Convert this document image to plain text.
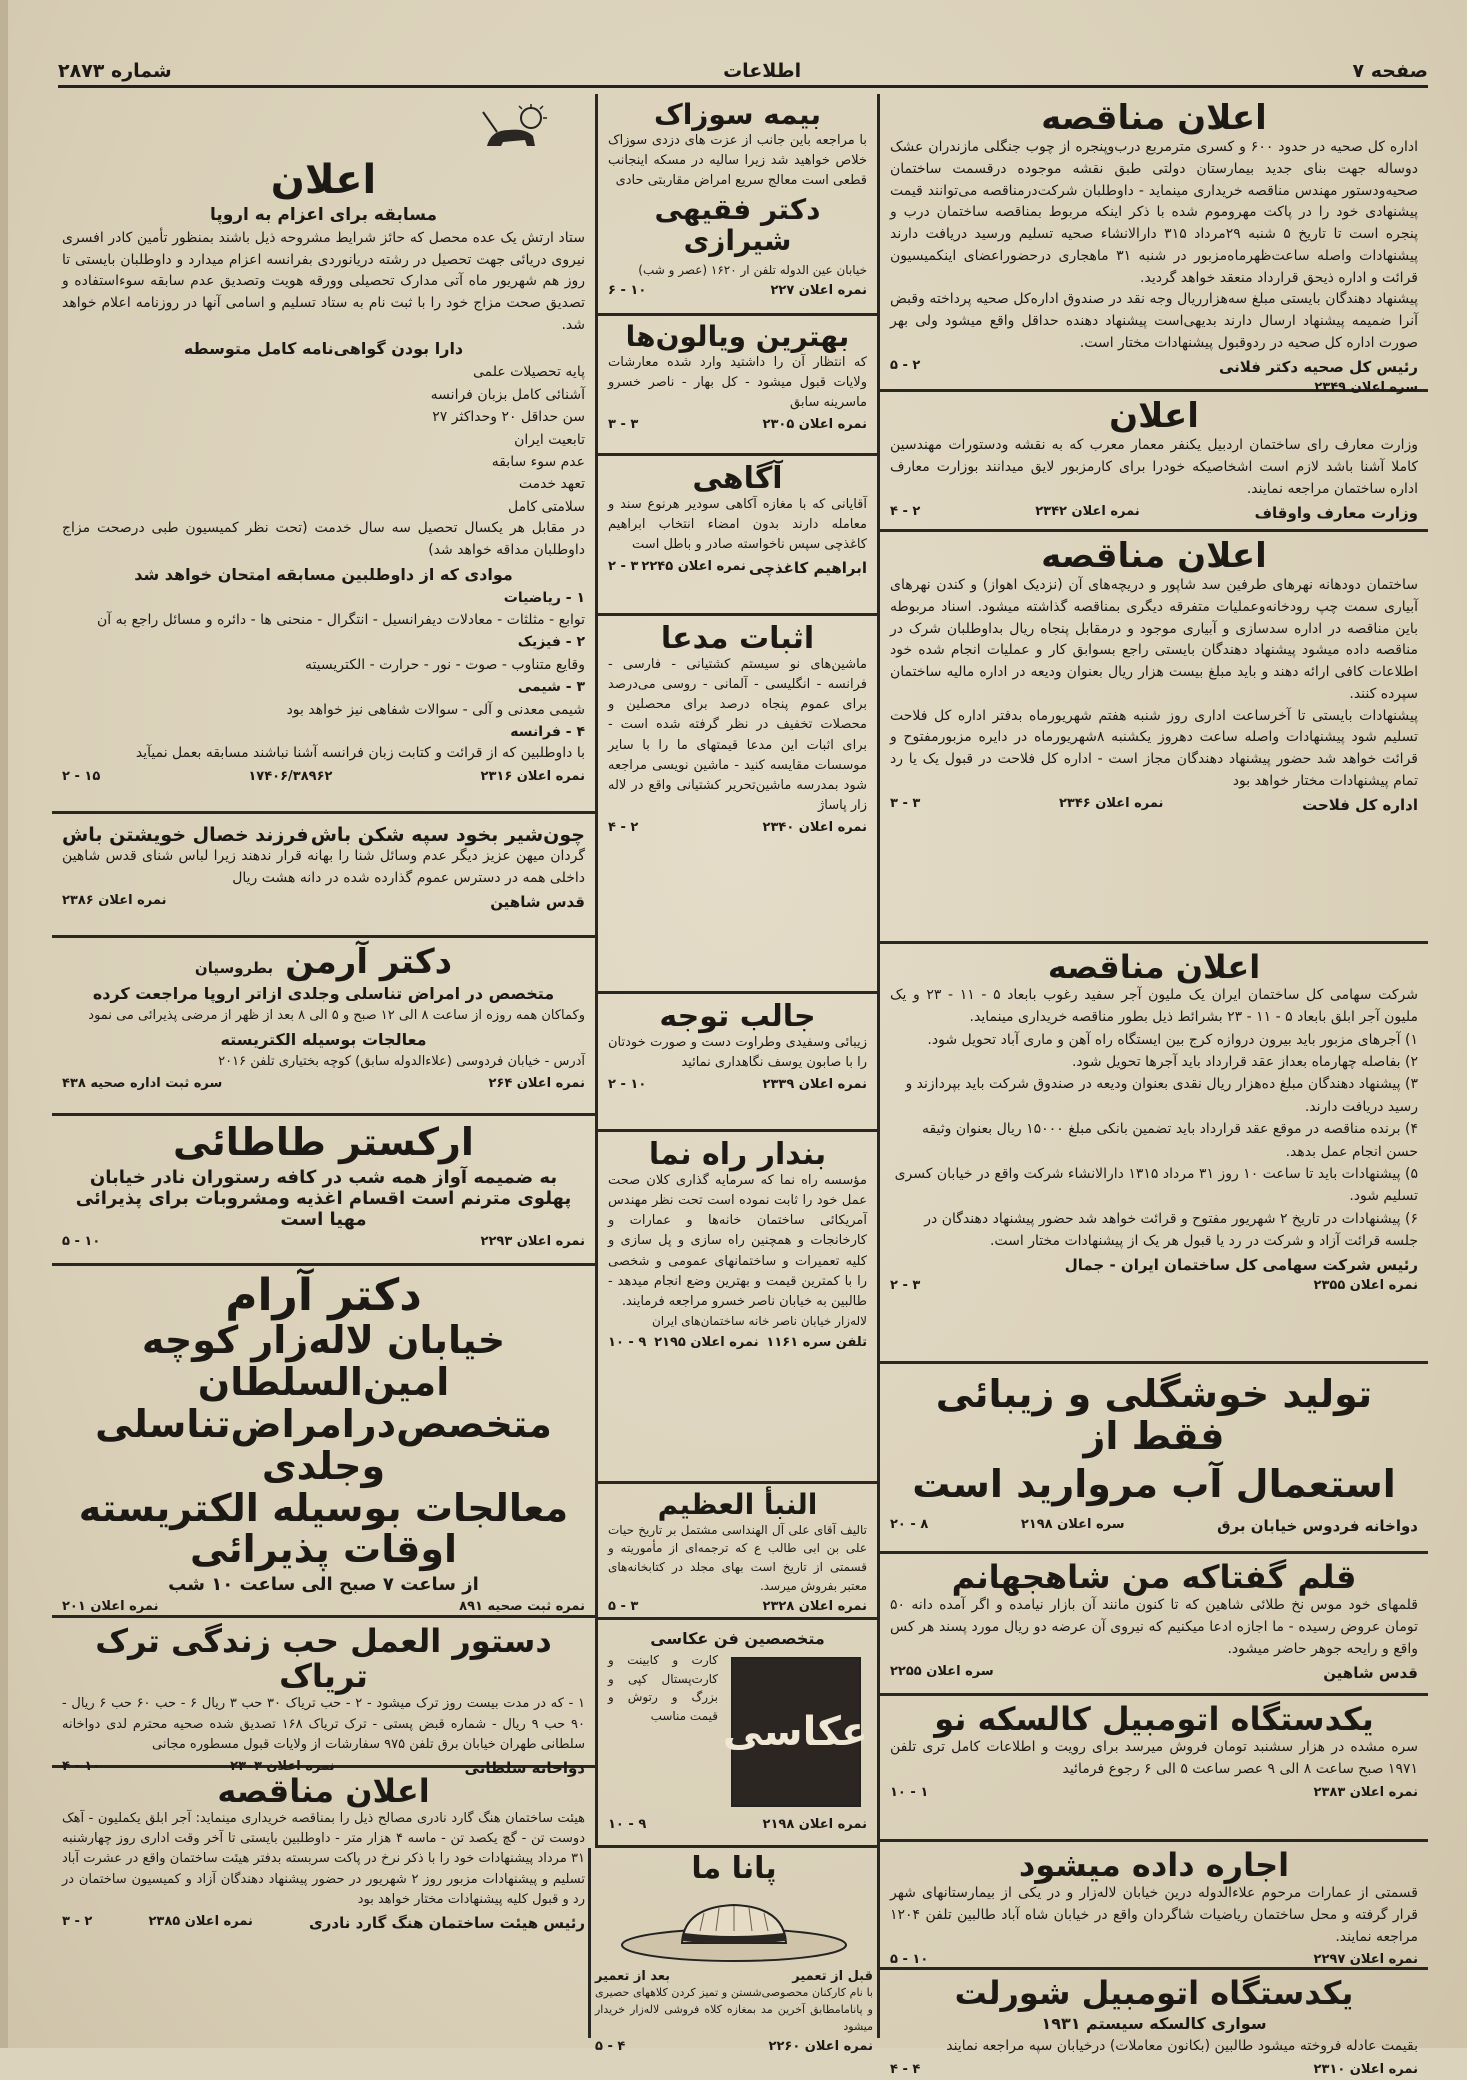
صفحه ۷
اطلاعات
شماره ۲۸۷۳
اعلان مناقصه
اداره کل صحیه در حدود ۶۰۰ و کسری مترمربع درب‌وپنجره از چوب جنگلی مازندران عشک دوساله جهت بنای جدید بیمارستان دولتی طبق نقشه موجوده درقسمت ساختمان صحیه‌ودستور مهندس مناقصه خریداری مینماید - داوطلبان شرکت‌درمناقصه می‌توانند قیمت پیشنهادی خود را در پاکت مهروموم شده با ذکر اینکه مربوط بمناقصه ساختمان درب و پنجره است تا تاریخ ۵ شنبه ۲۹مرداد ۳۱۵ دارالانشاء صحیه تسلیم ورسید دریافت دارند پیشنهادات واصله ساعت‌ظهر‌ماه‌مزبور در شنبه ۳۱ ماهجاری درحضوراعضای اینکمیسیون قرائت و اداره ذیحق قرارداد منعقد خواهد گردید.
پیشنهاد دهندگان بایستی مبلغ سه‌هزارریال وجه نقد در صندوق اداره‌کل صحیه پرداخته وقبض آنرا ضمیمه پیشنهاد ارسال دارند بدیهی‌است پیشنهاد دهنده حداقل واقع میشود ولی بهر صورت اداره کل صحیه در ردوقبول پیشنهادات مختار است.
رئیس کل صحیه دکتر فلانی
۲ - ۵
سره اعلان ۲۳۴۹
اعلان
وزارت معارف رای ساختمان اردبیل یکنفر معمار معرب که به نقشه ودستورات مهندسین کاملا آشنا باشد لازم است اشخاصیکه خودرا برای کارمزبور لایق میدانند بوزارت معارف اداره ساختمان مراجعه نمایند.
وزارت معارف واوقاف
نمره اعلان ۲۳۴۲
۲ - ۴
اعلان مناقصه
ساختمان دودهانه نهرهای طرفین سد شاپور و دریچه‌های آن (نزدیک اهواز) و کندن نهرهای آبیاری سمت چپ رودخانه‌وعملیات متفرقه دیگری بمناقصه گذاشته میشود. اسناد مربوطه باین مناقصه در اداره سدسازی و آبیاری موجود و درمقابل پنجاه ریال بداوطلبان شرک در مناقصه داده میشود پیشنهاد دهندگان بایستی راجع بسوابق کار و عملیات انجام شده خود اطلاعات کافی ارائه دهند و باید مبلغ بیست هزار ریال بعنوان ودیعه در اداره مالیه ساختمان سپرده کنند.
پیشنهادات بایستی تا آخرساعت اداری روز شنبه هفتم شهریورماه بدفتر اداره کل فلاحت تسلیم شود پیشنهادات واصله ساعت دهروز یکشنبه ۸شهریورماه در دایره مزبورمفتوح و قرائت خواهد شد حضور پیشنهاد دهندگان مجاز است - اداره کل فلاحت در قبول یک یا رد تمام پیشنهادات مختار خواهد بود
اداره کل فلاحت
نمره اعلان ۲۳۴۶
۳ - ۳
اعلان مناقصه
شرکت سهامی کل ساختمان ایران یک ملیون آجر سفید رغوب بابعاد ۵ - ۱۱ - ۲۳ و یک ملیون آجر ابلق بابعاد ۵ - ۱۱ - ۲۳ بشرائط ذیل بطور مناقصه خریداری مینماید.
۱) آجرهای مزبور باید بیرون دروازه کرج بین ایستگاه راه آهن و ماری آباد تحویل شود.
۲) بفاصله چهارماه بعداز عقد قرارداد باید آجرها تحویل شود.
۳) پیشنهاد دهندگان مبلغ ده‌هزار ریال نقدی بعنوان ودیعه در صندوق شرکت باید بپردازند و رسید دریافت دارند.
۴) برنده مناقصه در موقع عقد قرارداد باید تضمین بانکی مبلغ ۱۵۰۰۰ ریال بعنوان وثیقه حسن انجام عمل بدهد.
۵) پیشنهادات باید تا ساعت ۱۰ روز ۳۱ مرداد ۱۳۱۵ دارالانشاء شرکت واقع در خیابان کسری تسلیم شود.
۶) پیشنهادات در تاریخ ۲ شهریور مفتوح و قرائت خواهد شد حضور پیشنهاد دهندگان در جلسه قرائت آزاد و شرکت در رد یا قبول هر یک از پیشنهادات مختار است.
رئیس شرکت سهامی کل ساختمان ایران - جمال
نمره اعلان ۲۳۵۵
۳ - ۲
تولید خوشگلی و زیبائی فقط از
استعمال آب مروارید است
دواخانه فردوس خیابان برق
سره اعلان ۲۱۹۸
۸ - ۲۰
قلم گفتاکه من شاهجهانم
قلمهای خود موس نخ طلائی شاهین که تا کنون مانند آن بازار نیامده و اگر آمده دانه ۵۰ تومان عروض رسیده - ما اجازه ادعا میکنیم که نیروی آن عرضه دو ریال مورد پسند هر کس واقع و رایحه جوهر حاضر میشود.
قدس شاهین
سره اعلان ۲۲۵۵
یکدستگاه اتومبیل کالسکه نو
سره مشده در هزار سشنبد تومان فروش میرسد برای رویت و اطلاعات کامل تری تلفن ۱۹۷۱ صبح ساعت ۸ الی ۹ عصر ساعت ۵ الی ۶ رجوع فرمائید
نمره اعلان ۲۳۸۳
۱ - ۱۰
اجاره داده میشود
قسمتی از عمارات مرحوم علاءالدوله درین خیابان لاله‌زار و در یکی از بیمارستانهای شهر قرار گرفته و محل ساختمان ریاضیات شاگردان واقع در خیابان شاه آباد طالبین تلفن ۱۲۰۴ مراجعه نمایند.
نمره اعلان ۲۲۹۷
۱۰ - ۵
یکدستگاه اتومبیل شورلت
سواری کالسکه سیستم ۱۹۳۱
بقیمت عادله فروخته میشود طالبین (بکانون معاملات) درخیابان سپه مراجعه نمایند
نمره اعلان ۲۳۱۰
۴ - ۴
بیمه سوزاک
با مراجعه باین جانب از عزت های دزدی سوزاک خلاص خواهید شد زیرا سالیه در مسکه اینجانب قطعی است معالج سریع امراض مقاربتی حادی
دکتر فقیهی شیرازی
خیابان عین الدوله تلفن ار ۱۶۲۰ (عصر و شب)
نمره اعلان ۲۲۷
۱۰ - ۶
بهترین ویالون‌ها
که انتظار آن را داشتید وارد شده معارشات ولایات قبول میشود - کل بهار - ناصر خسرو ماسرینه سابق
نمره اعلان ۲۳۰۵
۳ - ۳
آگاهی
آقایانی که با مغازه آکاهی سودیر هرنوع سند و معامله دارند بدون امضاء انتخاب ابراهیم کاغذچی سپس ناخواسته صادر و باطل است
ابراهیم کاغذچی
نمره اعلان ۲۲۴۵
۳ - ۲
اثبات مدعا
ماشین‌های نو سیستم کشتیانی - فارسی - فرانسه - انگلیسی - آلمانی - روسی می‌درصد برای عموم پنجاه درصد برای محصلین و محصلات تخفیف در نظر گرفته شده است - برای اثبات این مدعا قیمتهای ما را با سایر موسسات مقایسه کنید - ماشین نویسی مراجعه شود بمدرسه ماشین‌تحریر کشتیانی واقع در لاله زار پاساژ
نمره اعلان ۲۳۴۰
۲ - ۴
جالب توجه
زیبائی وسفیدی وطراوت دست و صورت خودتان را با صابون یوسف نگاهداری نمائید
نمره اعلان ۲۳۳۹
۱۰ - ۲
بندار راه نما
مؤسسه راه نما که سرمایه گذاری کلان صحت عمل خود را ثابت نموده است تحت نظر مهندس آمریکائی ساختمان خانه‌ها و عمارات و کارخانجات و همچنین راه سازی و پل سازی و کلیه تعمیرات و ساختمانهای عمومی و شخصی را با کمترین قیمت و بهترین وضع انجام میدهد - طالبین به خیابان ناصر خسرو مراجعه فرمایند.
لاله‌زار خیابان ناصر خانه ساختمان‌های ایران
تلفن سره ۱۱۶۱
نمره اعلان ۲۱۹۵
۹ - ۱۰
النبأ العظیم
تالیف آقای علی آل الهنداسی مشتمل بر تاریخ حیات علی بن ابی طالب ع که ترجمه‌ای از مأموریته و قسمتی از تاریخ است بهای مجلد در کتابخانه‌های معتبر بفروش میرسد.
نمره اعلان ۲۳۲۸
۳ - ۵
متخصصین فن عکاسی
عکاسی
کارت و کابینت و کارت‌پستال کپی و بزرگ و رتوش و قیمت مناسب
نمره اعلان ۲۱۹۸
۹ - ۱۰
پانا ما
قبل از تعمیر
بعد از تعمیر
با نام کارکنان محصوصی‌شستن و تمیز کردن کلاههای حصیری و پانامامطابق آخرین مد بمغازه کلاه فروشی لاله‌زار خریدار میشود
نمره اعلان ۲۲۶۰
۴ - ۵
اعلان
مسابقه برای اعزام به اروپا
ستاد ارتش یک عده محصل که حائز شرایط مشروحه ذیل باشند بمنظور تأمین کادر افسری نیروی دریائی جهت تحصیل در رشته دریانوردی بفرانسه اعزام میدارد و داوطلبان بایستی تا روز هم شهریور ماه آتی مدارک تحصیلی وورقه هویت وتصدیق عدم سابقه سوءاستفاده و تصدیق صحت مزاج خود را با ثبت نام به ستاد تسلیم و اسامی آنها در روزنامه اعلام خواهد شد.
دارا بودن گواهی‌نامه کامل متوسطه
پایه تحصیلات علمی
آشنائی کامل بزبان فرانسه
سن حداقل ۲۰ وحداکثر ۲۷
تابعیت ایران
عدم سوء سابقه
تعهد خدمت
سلامتی کامل
در مقابل هر یکسال تحصیل سه سال خدمت (تحت نظر کمیسیون طبی درصحت مزاج داوطلبان مداقه خواهد شد)
موادی که از داوطلبین مسابقه امتحان خواهد شد
۱ - ریاضیات
توابع - مثلثات - معادلات دیفرانسیل - انتگرال - منحنی ها - دائره و مسائل راجع به آن
۲ - فیزیک
وقایع متناوب - صوت - نور - حرارت - الکتریسیته
۳ - شیمی
شیمی معدنی و آلی - سوالات شفاهی نیز خواهد بود
۴ - فرانسه
با داوطلبین که از قرائت و کتابت زبان فرانسه آشنا نباشند مسابقه بعمل نمیآید
نمره اعلان ۲۳۱۶
۱۷۴۰۶/۳۸۹۶۲
۱۵ - ۲
چون‌شیر بخود سپه شکن باش
فرزند خصال خویشتن باش
گردان میهن عزیز دیگر عدم وسائل شنا را بهانه قرار ندهند زیرا لباس شنای قدس شاهین داخلی همه در دسترس عموم گذارده شده در دانه هشت ریال
قدس شاهین
نمره اعلان ۲۳۸۶
دکتر آرمن
بطروسیان
متخصص در امراض تناسلی وجلدی ازاتر اروپا مراجعت کرده
وکماکان همه روزه از ساعت ۸ الی ۱۲ صبح و ۵ الی ۸ بعد از ظهر از مرضی پذیرائی می نمود
معالجات بوسیله الکتریسته
آدرس - خیابان فردوسی (علاءالدوله سابق) کوچه بختیاری تلفن ۲۰۱۶
نمره اعلان ۲۶۴
سره ثبت اداره صحیه ۴۳۸
ارکستر طاطائی
به ضمیمه آواز همه شب در کافه رستوران نادر خیابان پهلوی مترنم است اقسام اغذیه ومشروبات برای پذیرائی مهیا است
نمره اعلان ۲۲۹۳
۱۰ - ۵
دکتر آرام
خیابان لاله‌زار کوچه امین‌السلطان
متخصص‌درامراض‌تناسلی وجلدی
معالجات بوسیله الکتریسته
اوقات پذیرائی
از ساعت ۷ صبح الی ساعت ۱۰ شب
نمره ثبت صحیه ۸۹۱
نمره اعلان ۲۰۱
دستور العمل حب زندگی ترک تریاک
۱ - که در مدت بیست روز ترک میشود - ۲ - حب تریاک ۳۰ حب ۳ ریال ۶ - حب ۶۰ حب ۶ ریال - ۹۰ حب ۹ ریال - شماره قبض پستی - ترک تریاک ۱۶۸ تصدیق شده صحیه محترم لدی دواخانه سلطانی طهران خیابان برق تلفن ۹۷۵ سفارشات از ولایات قبول مسطوره مجانی
دواخانه سلطانی
نمره اعلان ۲۳۰۳
۱۰ - ۴
اعلان مناقصه
هیئت ساختمان هنگ گارد نادری مصالح ذیل را بمناقصه خریداری مینماید: آجر ابلق یکملیون - آهک دوست تن - گچ یکصد تن - ماسه ۴ هزار متر - داوطلبین بایستی تا آخر وقت اداری روز چهارشنبه ۳۱ مرداد پیشنهادات خود را با ذکر نرخ در پاکت سربسته بدفتر هیئت ساختمان واقع در عشرت آباد تسلیم و پیشنهادات مزبور روز ۲ شهریور در حضور پیشنهاد دهندگان آزاد و کمیسیون ساختمان در رد و قبول کلیه پیشنهادات مختار خواهد بود
رئیس هیئت ساختمان هنگ گارد نادری
نمره اعلان ۲۳۸۵
۲ - ۳
